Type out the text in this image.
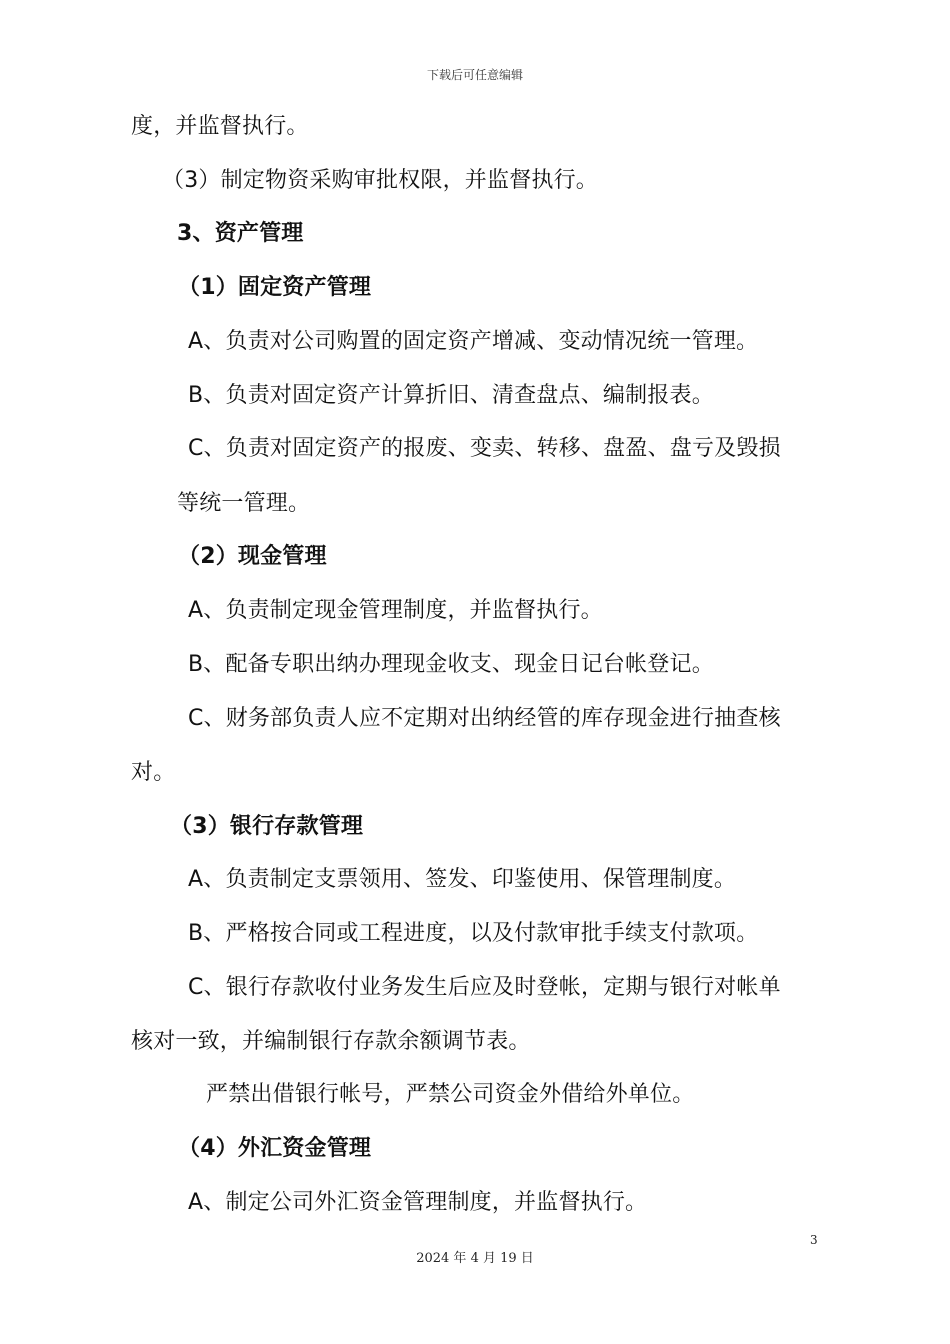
下载后可任意编辑
度，并监督执行。
（3）制定物资采购审批权限，并监督执行。
3、资产管理
（1）固定资产管理
A、负责对公司购置的固定资产增减、变动情况统一管理。
B、负责对固定资产计算折旧、清查盘点、编制报表。
C、负责对固定资产的报废、变卖、转移、盘盈、盘亏及毁损
等统一管理。
（2）现金管理
A、负责制定现金管理制度，并监督执行。
B、配备专职出纳办理现金收支、现金日记台帐登记。
C、财务部负责人应不定期对出纳经管的库存现金进行抽查核
对。
（3）银行存款管理
A、负责制定支票领用、签发、印鉴使用、保管理制度。
B、严格按合同或工程进度，以及付款审批手续支付款项。
C、银行存款收付业务发生后应及时登帐，定期与银行对帐单
核对一致，并编制银行存款余额调节表。
严禁出借银行帐号，严禁公司资金外借给外单位。
（4）外汇资金管理
A、制定公司外汇资金管理制度，并监督执行。
3
2024 年 4 月 19 日
